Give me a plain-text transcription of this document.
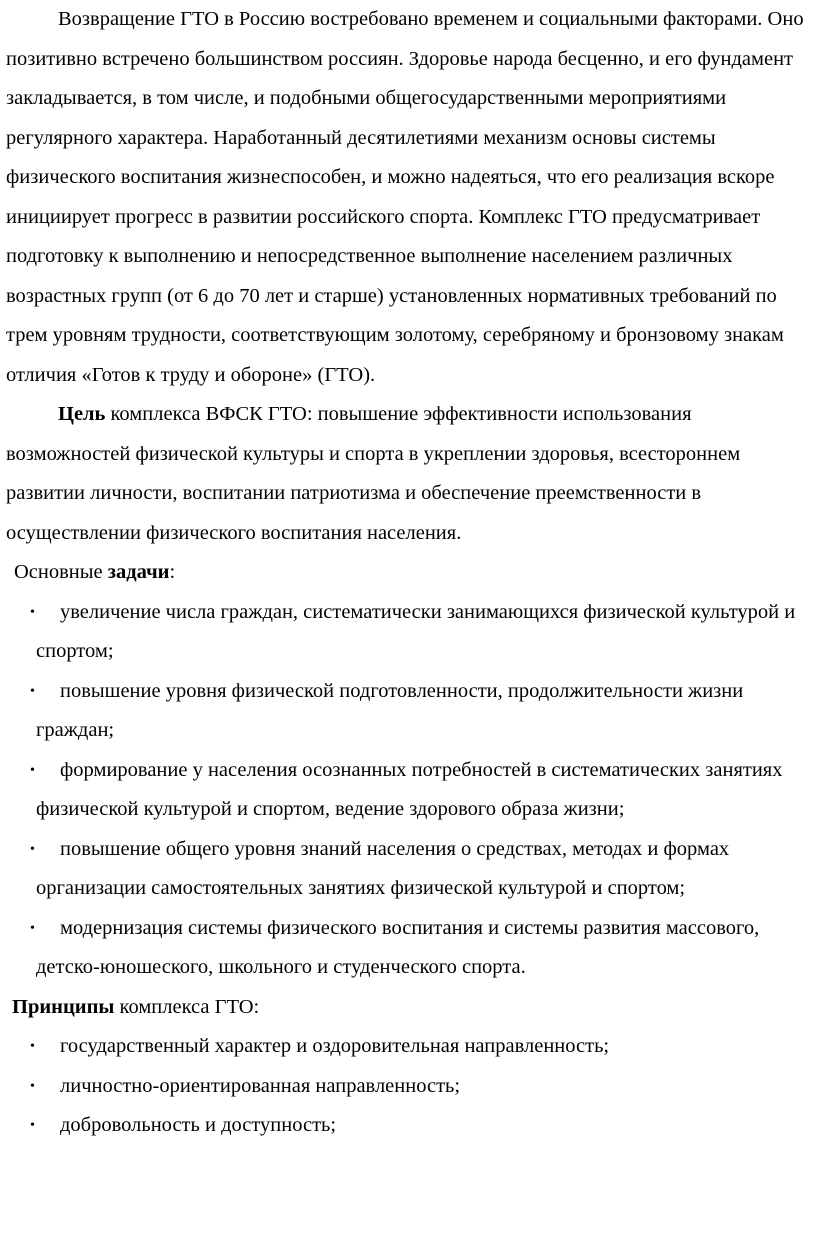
Возвращение ГТО в Россию востребовано временем и социальными факторами. Оно позитивно встречено большинством россиян. Здоровье народа бесценно, и его фундамент закладывается, в том числе, и подобными общегосударственными мероприятиями регулярного характера. Наработанный десятилетиями механизм основы системы физического воспитания жизнеспособен, и можно надеяться, что его реализация вскоре инициирует прогресс в развитии российского спорта. Комплекс ГТО предусматривает подготовку к выполнению и непосредственное выполнение населением различных возрастных групп (от 6 до 70 лет и старше) установленных нормативных требований по трем уровням трудности, соответствующим золотому, серебряному и бронзовому знакам отличия «Готов к труду и обороне» (ГТО).

Цель комплекса ВФСК ГТО: повышение эффективности использования возможностей физической культуры и спорта в укреплении здоровья, всестороннем развитии личности, воспитании патриотизма и обеспечение преемственности в осуществлении физического воспитания населения.

Основные задачи:

• увеличение числа граждан, систематически занимающихся физической культурой и спортом;
• повышение уровня физической подготовленности, продолжительности жизни граждан;
• формирование у населения осознанных потребностей в систематических занятиях физической культурой и спортом, ведение здорового образа жизни;
• повышение общего уровня знаний населения о средствах, методах и формах организации самостоятельных занятиях физической культурой и спортом;
• модернизация системы физического воспитания и системы развития массового, детско-юношеского, школьного и студенческого спорта.

Принципы комплекса ГТО:

• государственный характер и оздоровительная направленность;
• личностно-ориентированная направленность;
• добровольность и доступность;
